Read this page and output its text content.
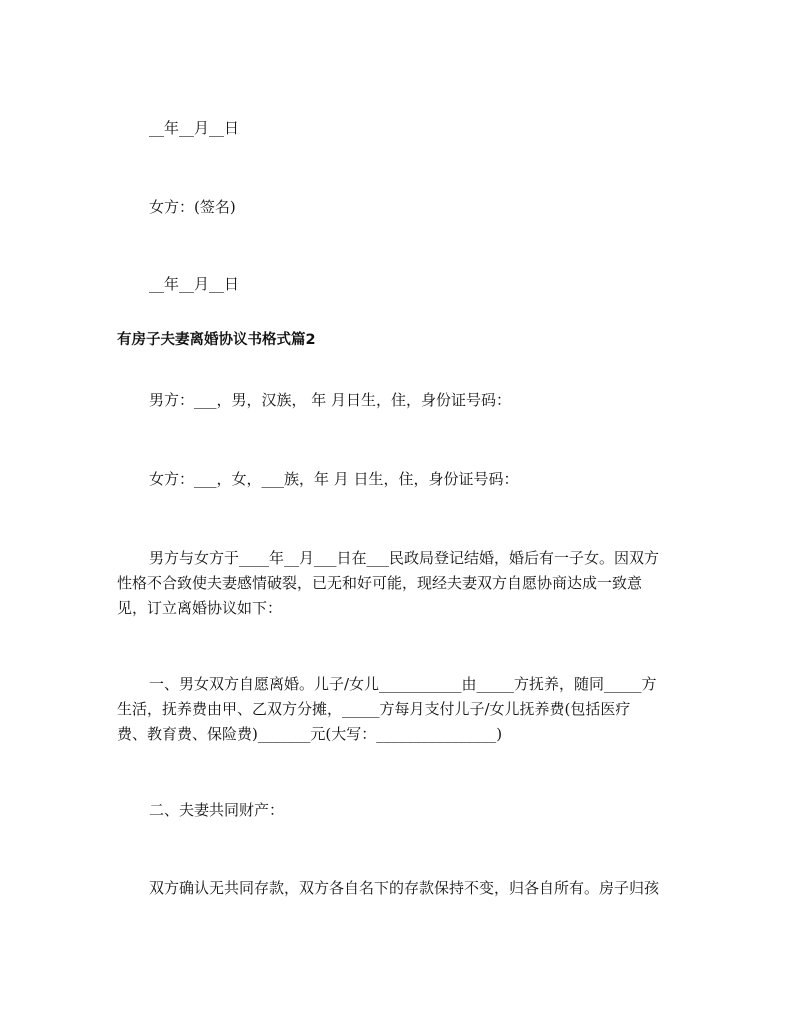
__年__月__日
女方：(签名)
__年__月__日
有房子夫妻离婚协议书格式篇2
男方：___，男，汉族， 年 月日生，住，身份证号码：
女方：___，女，___族，年 月 日生，住，身份证号码：
男方与女方于____年__月___日在___民政局登记结婚，婚后有一子女。因双方
性格不合致使夫妻感情破裂，已无和好可能，现经夫妻双方自愿协商达成一致意
见，订立离婚协议如下：
一、男女双方自愿离婚。儿子/女儿___________由_____方抚养，随同_____方
生活，抚养费由甲、乙双方分摊，_____方每月支付儿子/女儿抚养费(包括医疗
费、教育费、保险费)_______元(大写：________________)
二、夫妻共同财产：
双方确认无共同存款，双方各自名下的存款保持不变，归各自所有。房子归孩
